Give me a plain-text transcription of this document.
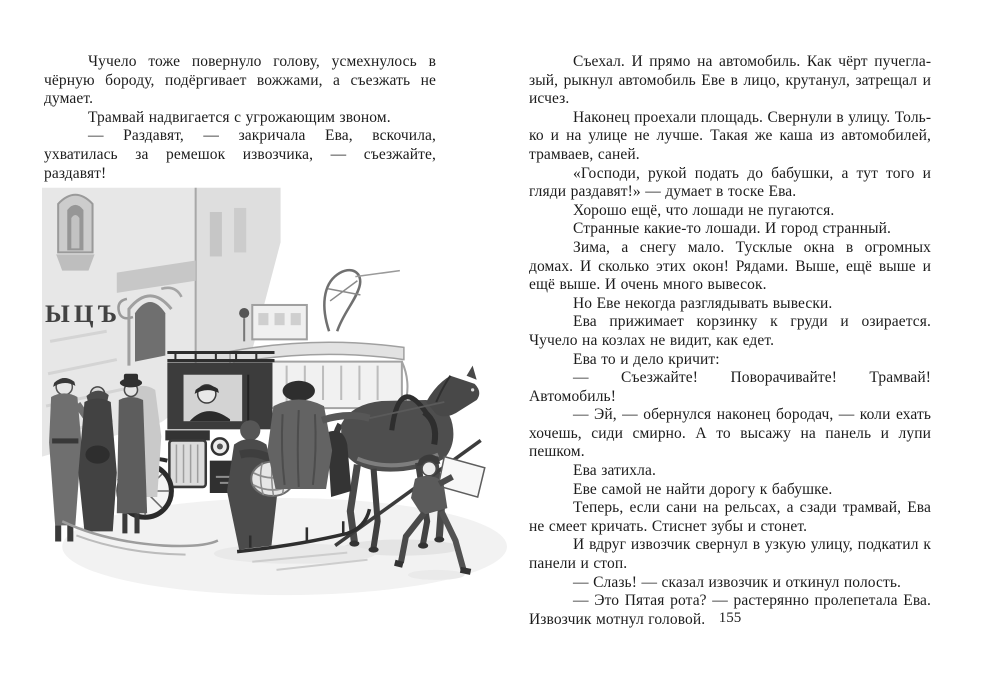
Чучело тоже повернуло голову, усмехнулось в чёрную бороду, подёргивает вожжами, а съезжать не думает.

Трамвай надвигается с угрожающим звоном.

— Раздавят, — закричала Ева, вскочила, ухватилась за ремешок извозчика, — съезжайте, раздавят!

ЫЦЪ

Съехал. И прямо на автомобиль. Как чёрт пучеглазый, рыкнул автомобиль Еве в лицо, крутанул, затрещал и исчез.

Наконец проехали площадь. Свернули в улицу. Только и на улице не лучше. Такая же каша из автомобилей, трамваев, саней.

«Господи, рукой подать до бабушки, а тут того и гляди раздавят!» — думает в тоске Ева.

Хорошо ещё, что лошади не пугаются.

Странные какие-то лошади. И город странный.

Зима, а снегу мало. Тусклые окна в огромных домах. И сколько этих окон! Рядами. Выше, ещё выше и ещё выше. И очень много вывесок.

Но Еве некогда разглядывать вывески.

Ева прижимает корзинку к груди и озирается. Чучело на козлах не видит, как едет.

Ева то и дело кричит:

— Съезжайте! Поворачивайте! Трамвай! Автомобиль!

— Эй, — обернулся наконец бородач, — коли ехать хочешь, сиди смирно. А то высажу на панель и лупи пешком.

Ева затихла.

Еве самой не найти дорогу к бабушке.

Теперь, если сани на рельсах, а сзади трамвай, Ева не смеет кричать. Стиснет зубы и стонет.

И вдруг извозчик свернул в узкую улицу, подкатил к панели и стоп.

— Слазь! — сказал извозчик и откинул полость.

— Это Пятая рота? — растерянно пролепетала Ева. Извозчик мотнул головой. 155
